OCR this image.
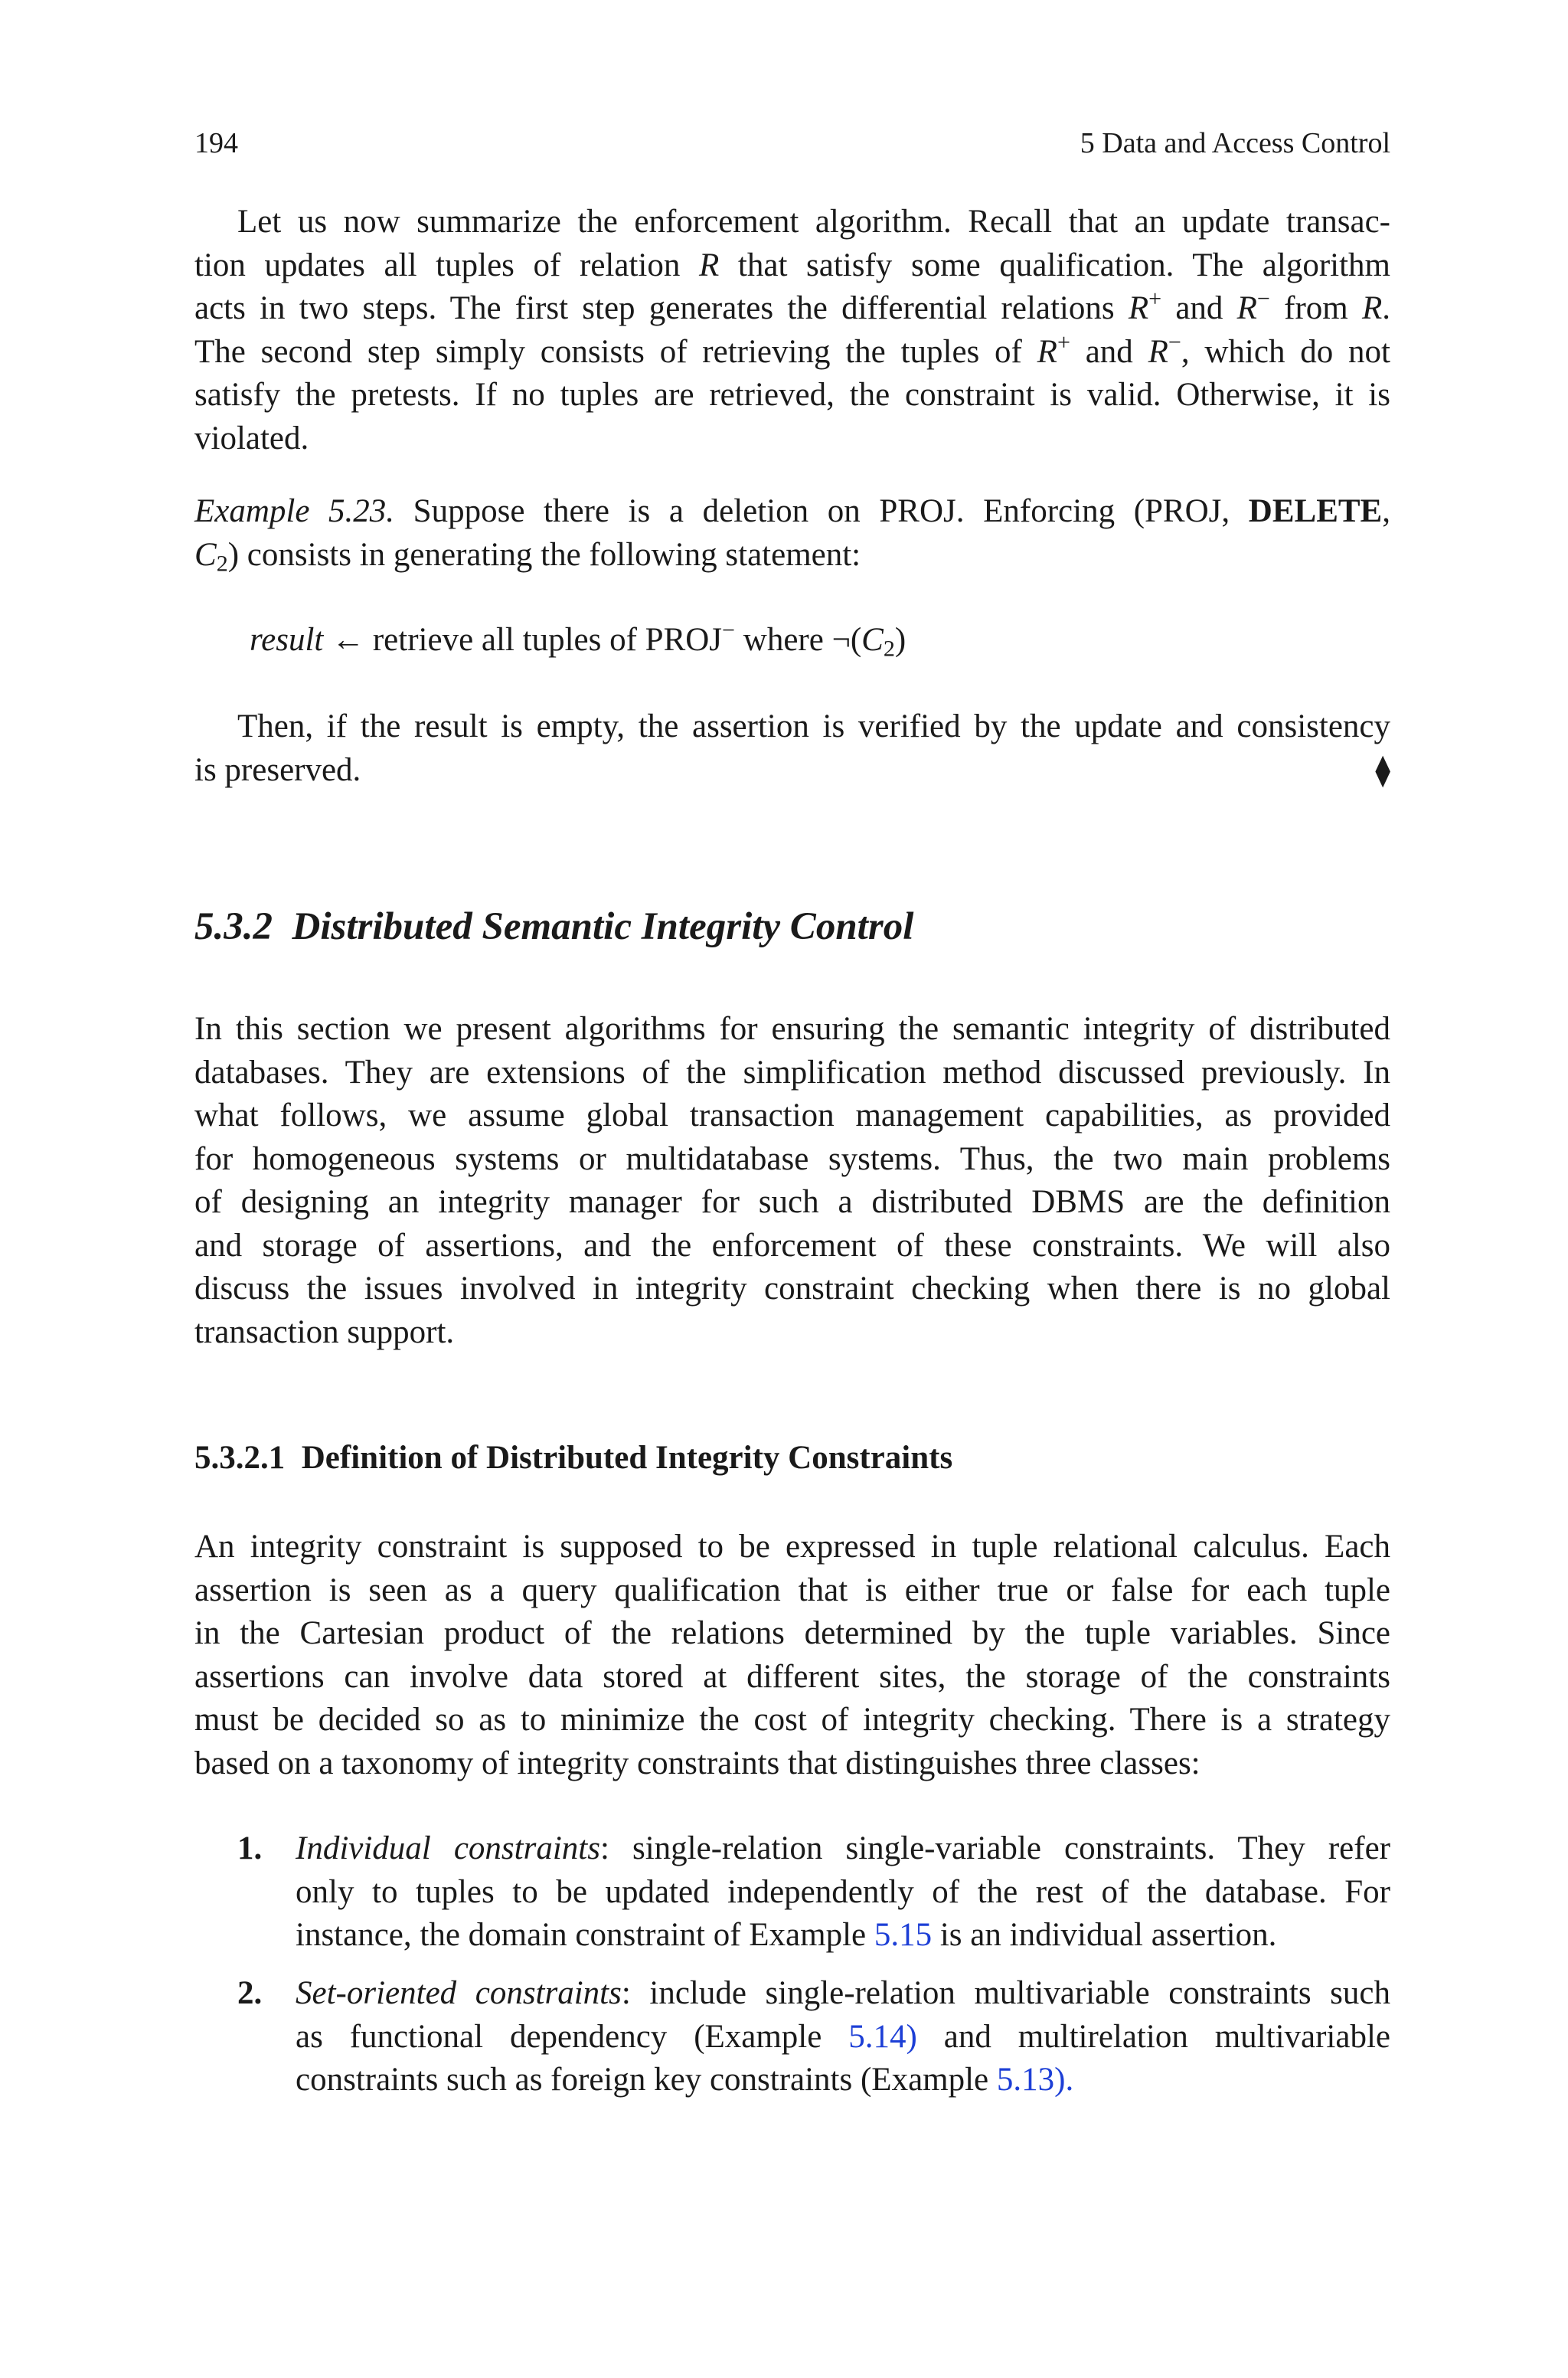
194	5 Data and Access Control
Let us now summarize the enforcement algorithm. Recall that an update transac-
tion updates all tuples of relation R that satisfy some qualification. The algorithm
acts in two steps. The first step generates the differential relations R+ and R− from R.
The second step simply consists of retrieving the tuples of R+ and R−, which do not
satisfy the pretests. If no tuples are retrieved, the constraint is valid. Otherwise, it is
violated.
Example 5.23. Suppose there is a deletion on PROJ. Enforcing (PROJ, DELETE,
$C_2$) consists in generating the following statement:
result ← retrieve all tuples of PROJ− where $\neg(C_2)$
Then, if the result is empty, the assertion is verified by the update and consistency
is preserved.	⧫
5.3.2 Distributed Semantic Integrity Control
In this section we present algorithms for ensuring the semantic integrity of distributed
databases. They are extensions of the simplification method discussed previously. In
what follows, we assume global transaction management capabilities, as provided
for homogeneous systems or multidatabase systems. Thus, the two main problems
of designing an integrity manager for such a distributed DBMS are the definition
and storage of assertions, and the enforcement of these constraints. We will also
discuss the issues involved in integrity constraint checking when there is no global
transaction support.
5.3.2.1 Definition of Distributed Integrity Constraints
An integrity constraint is supposed to be expressed in tuple relational calculus. Each
assertion is seen as a query qualification that is either true or false for each tuple
in the Cartesian product of the relations determined by the tuple variables. Since
assertions can involve data stored at different sites, the storage of the constraints
must be decided so as to minimize the cost of integrity checking. There is a strategy
based on a taxonomy of integrity constraints that distinguishes three classes:
1. Individual constraints: single-relation single-variable constraints. They refer
only to tuples to be updated independently of the rest of the database. For
instance, the domain constraint of Example 5.15 is an individual assertion.
2. Set-oriented constraints: include single-relation multivariable constraints such
as functional dependency (Example 5.14) and multirelation multivariable
constraints such as foreign key constraints (Example 5.13).
